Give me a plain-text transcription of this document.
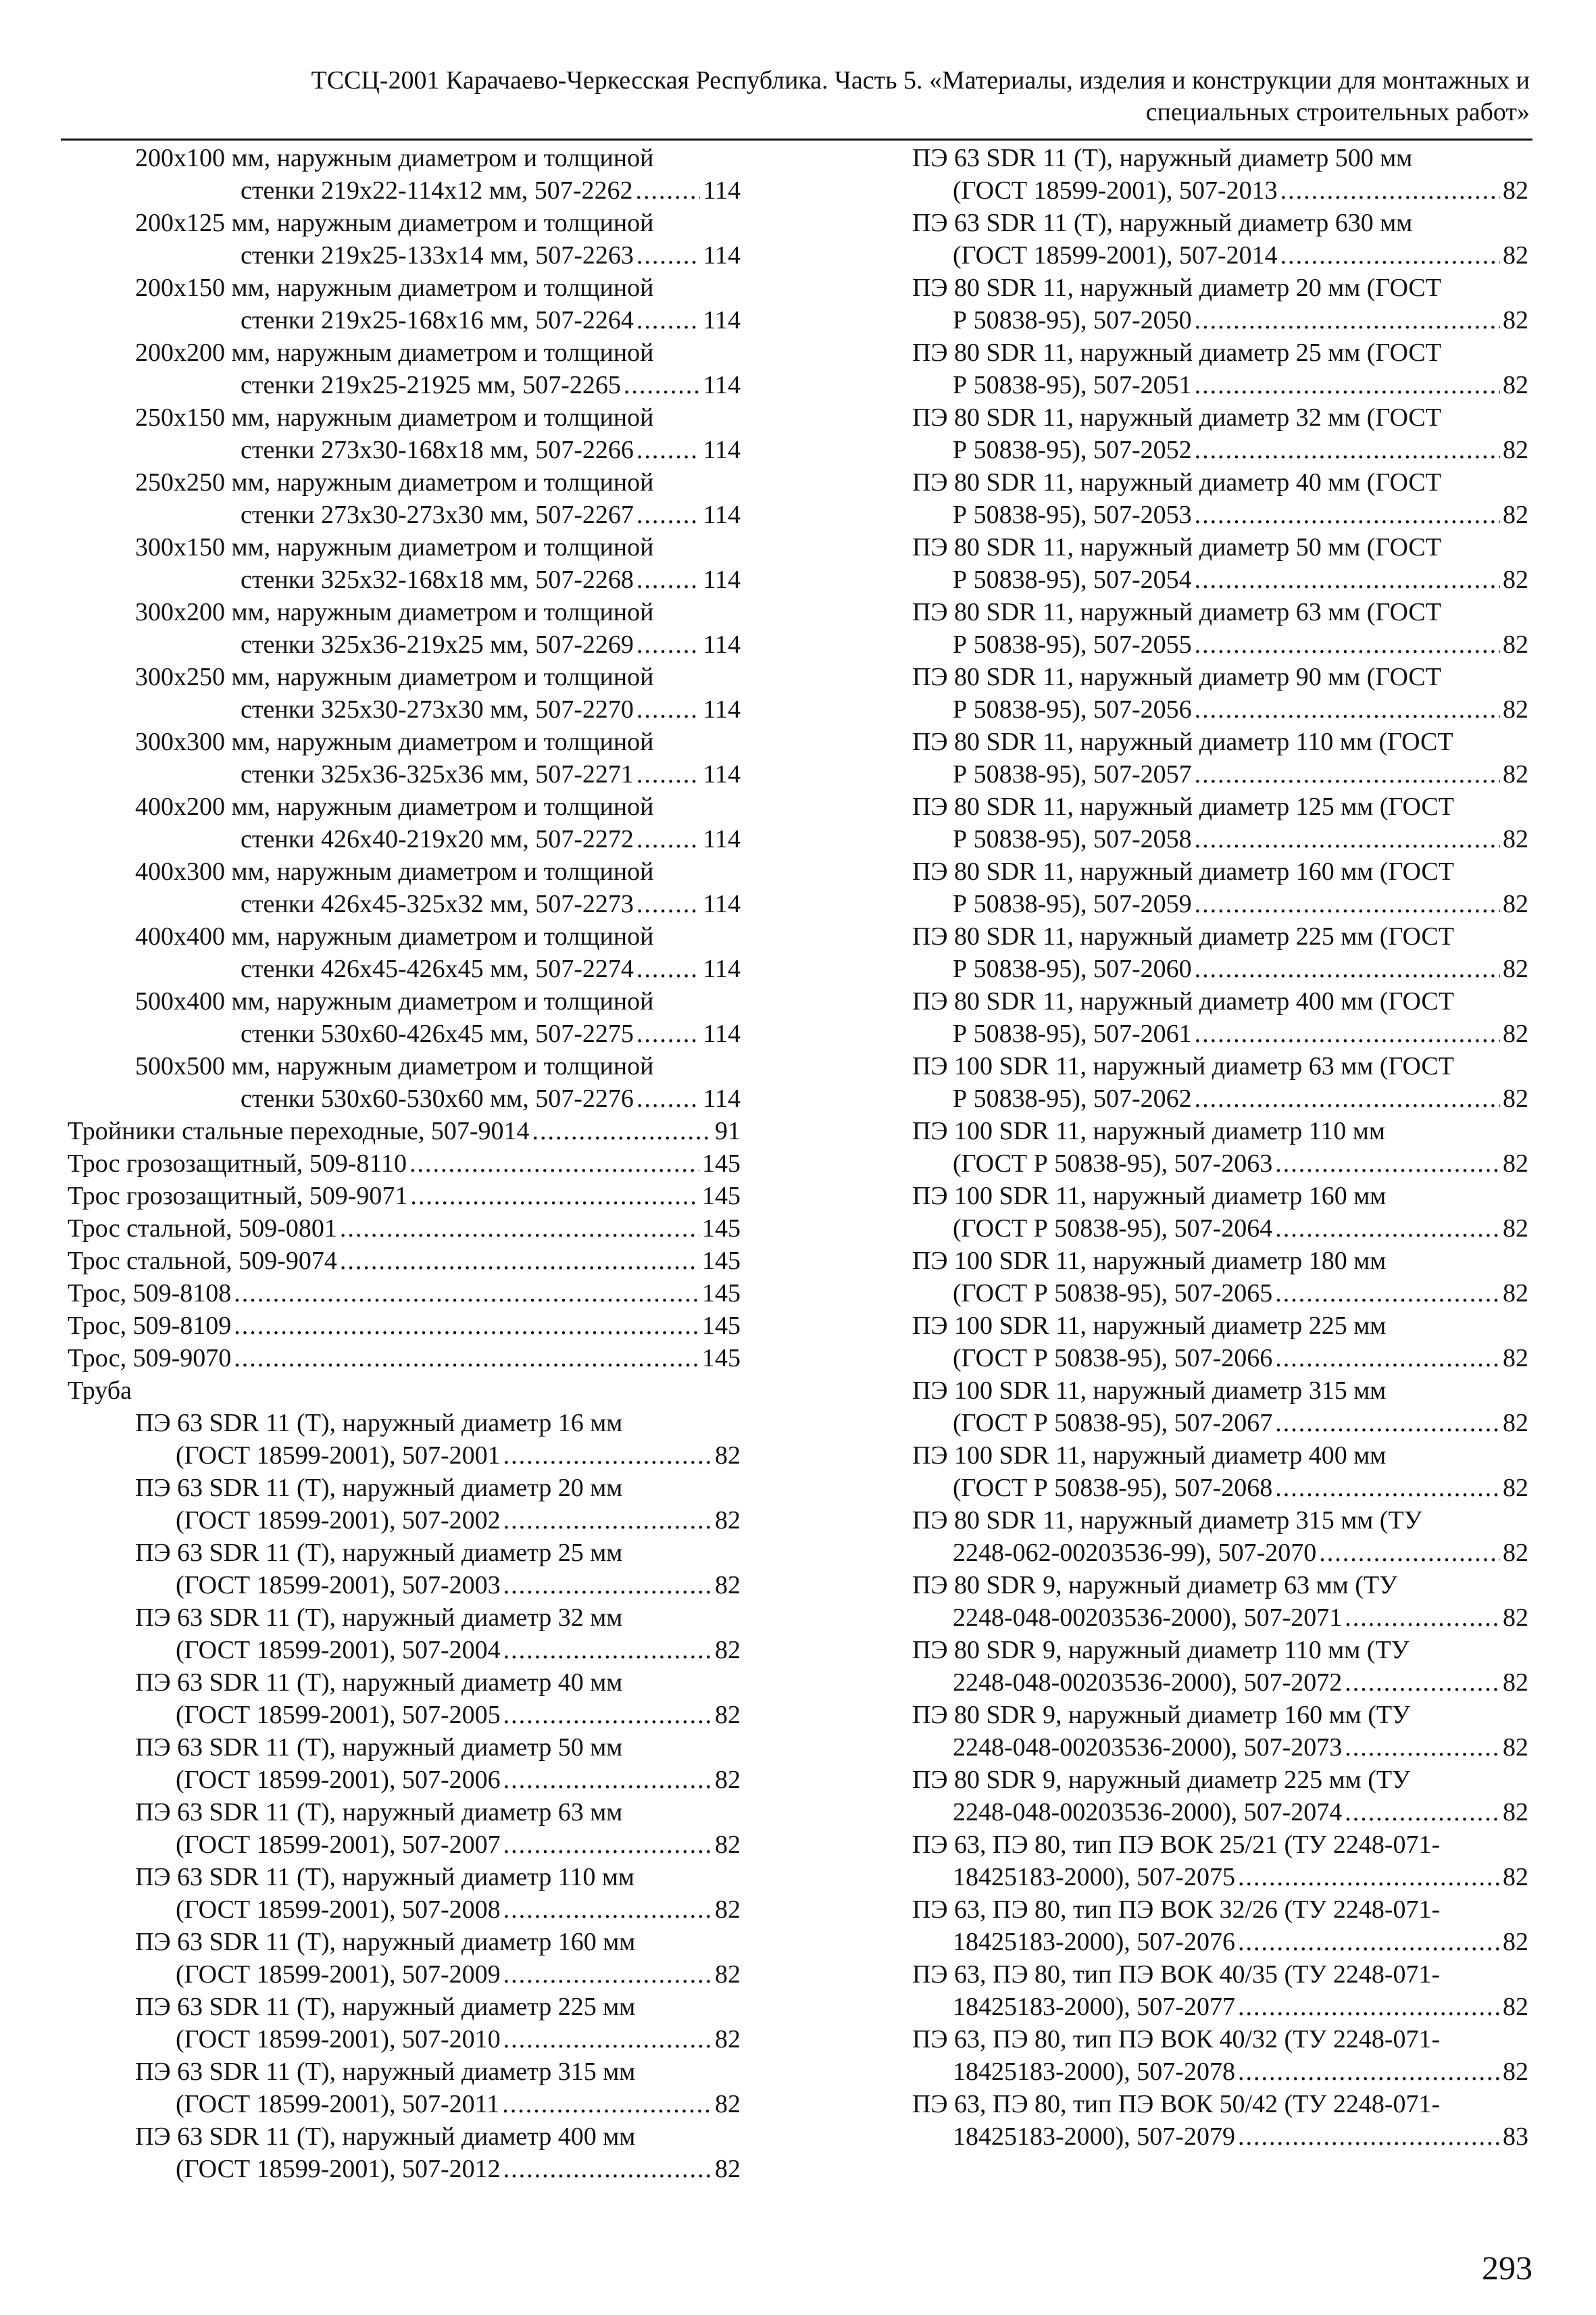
ТССЦ-2001 Карачаево-Черкесская Республика. Часть 5. «Материалы, изделия и конструкции для монтажных и
специальных строительных работ»
200x100 мм, наружным диаметром и толщиной
стенки 219x22-114x12 мм, 507-2262 .....	114
200x125 мм, наружным диаметром и толщиной
стенки 219x25-133x14 мм, 507-2263 .....	114
200x150 мм, наружным диаметром и толщиной
стенки 219x25-168x16 мм, 507-2264 .....	114
200x200 мм, наружным диаметром и толщиной
стенки 219x25-21925 мм, 507-2265 .....	114
250x150 мм, наружным диаметром и толщиной
стенки 273x30-168x18 мм, 507-2266 .....	114
250x250 мм, наружным диаметром и толщиной
стенки 273x30-273x30 мм, 507-2267 .....	114
300x150 мм, наружным диаметром и толщиной
стенки 325x32-168x18 мм, 507-2268 .....	114
300x200 мм, наружным диаметром и толщиной
стенки 325x36-219x25 мм, 507-2269 .....	114
300x250 мм, наружным диаметром и толщиной
стенки 325x30-273x30 мм, 507-2270 .....	114
300x300 мм, наружным диаметром и толщиной
стенки 325x36-325x36 мм, 507-2271 .....	114
400x200 мм, наружным диаметром и толщиной
стенки 426x40-219x20 мм, 507-2272 .....	114
400x300 мм, наружным диаметром и толщиной
стенки 426x45-325x32 мм, 507-2273 .....	114
400x400 мм, наружным диаметром и толщиной
стенки 426x45-426x45 мм, 507-2274 .....	114
500x400 мм, наружным диаметром и толщиной
стенки 530x60-426x45 мм, 507-2275 .....	114
500x500 мм, наружным диаметром и толщиной
стенки 530x60-530x60 мм, 507-2276 .....	114
Тройники стальные переходные, 507-9014 .....	91
Трос грозозащитный, 509-8110 .....	145
Трос грозозащитный, 509-9071 .....	145
Трос стальной, 509-0801 .....	145
Трос стальной, 509-9074 .....	145
Трос, 509-8108 .....	145
Трос, 509-8109 .....	145
Трос, 509-9070 .....	145
Труба
ПЭ 63 SDR 11 (Т), наружный диаметр 16 мм
(ГОСТ 18599-2001), 507-2001 .....	82
ПЭ 63 SDR 11 (Т), наружный диаметр 20 мм
(ГОСТ 18599-2001), 507-2002 .....	82
ПЭ 63 SDR 11 (Т), наружный диаметр 25 мм
(ГОСТ 18599-2001), 507-2003 .....	82
ПЭ 63 SDR 11 (Т), наружный диаметр 32 мм
(ГОСТ 18599-2001), 507-2004 .....	82
ПЭ 63 SDR 11 (Т), наружный диаметр 40 мм
(ГОСТ 18599-2001), 507-2005 .....	82
ПЭ 63 SDR 11 (Т), наружный диаметр 50 мм
(ГОСТ 18599-2001), 507-2006 .....	82
ПЭ 63 SDR 11 (Т), наружный диаметр 63 мм
(ГОСТ 18599-2001), 507-2007 .....	82
ПЭ 63 SDR 11 (Т), наружный диаметр 110 мм
(ГОСТ 18599-2001), 507-2008 .....	82
ПЭ 63 SDR 11 (Т), наружный диаметр 160 мм
(ГОСТ 18599-2001), 507-2009 .....	82
ПЭ 63 SDR 11 (Т), наружный диаметр 225 мм
(ГОСТ 18599-2001), 507-2010 .....	82
ПЭ 63 SDR 11 (Т), наружный диаметр 315 мм
(ГОСТ 18599-2001), 507-2011 .....	82
ПЭ 63 SDR 11 (Т), наружный диаметр 400 мм
(ГОСТ 18599-2001), 507-2012 .....	82
ПЭ 63 SDR 11 (Т), наружный диаметр 500 мм
(ГОСТ 18599-2001), 507-2013 .....	82
ПЭ 63 SDR 11 (Т), наружный диаметр 630 мм
(ГОСТ 18599-2001), 507-2014 .....	82
ПЭ 80 SDR 11, наружный диаметр 20 мм (ГОСТ
Р 50838-95), 507-2050 .....	82
ПЭ 80 SDR 11, наружный диаметр 25 мм (ГОСТ
Р 50838-95), 507-2051 .....	82
ПЭ 80 SDR 11, наружный диаметр 32 мм (ГОСТ
Р 50838-95), 507-2052 .....	82
ПЭ 80 SDR 11, наружный диаметр 40 мм (ГОСТ
Р 50838-95), 507-2053 .....	82
ПЭ 80 SDR 11, наружный диаметр 50 мм (ГОСТ
Р 50838-95), 507-2054 .....	82
ПЭ 80 SDR 11, наружный диаметр 63 мм (ГОСТ
Р 50838-95), 507-2055 .....	82
ПЭ 80 SDR 11, наружный диаметр 90 мм (ГОСТ
Р 50838-95), 507-2056 .....	82
ПЭ 80 SDR 11, наружный диаметр 110 мм (ГОСТ
Р 50838-95), 507-2057 .....	82
ПЭ 80 SDR 11, наружный диаметр 125 мм (ГОСТ
Р 50838-95), 507-2058 .....	82
ПЭ 80 SDR 11, наружный диаметр 160 мм (ГОСТ
Р 50838-95), 507-2059 .....	82
ПЭ 80 SDR 11, наружный диаметр 225 мм (ГОСТ
Р 50838-95), 507-2060 .....	82
ПЭ 80 SDR 11, наружный диаметр 400 мм (ГОСТ
Р 50838-95), 507-2061 .....	82
ПЭ 100 SDR 11, наружный диаметр 63 мм (ГОСТ
Р 50838-95), 507-2062 .....	82
ПЭ 100 SDR 11, наружный диаметр 110 мм
(ГОСТ Р 50838-95), 507-2063 .....	82
ПЭ 100 SDR 11, наружный диаметр 160 мм
(ГОСТ Р 50838-95), 507-2064 .....	82
ПЭ 100 SDR 11, наружный диаметр 180 мм
(ГОСТ Р 50838-95), 507-2065 .....	82
ПЭ 100 SDR 11, наружный диаметр 225 мм
(ГОСТ Р 50838-95), 507-2066 .....	82
ПЭ 100 SDR 11, наружный диаметр 315 мм
(ГОСТ Р 50838-95), 507-2067 .....	82
ПЭ 100 SDR 11, наружный диаметр 400 мм
(ГОСТ Р 50838-95), 507-2068 .....	82
ПЭ 80 SDR 11, наружный диаметр 315 мм (ТУ
2248-062-00203536-99), 507-2070 .....	82
ПЭ 80 SDR 9, наружный диаметр 63 мм (ТУ
2248-048-00203536-2000), 507-2071 .....	82
ПЭ 80 SDR 9, наружный диаметр 110 мм (ТУ
2248-048-00203536-2000), 507-2072 .....	82
ПЭ 80 SDR 9, наружный диаметр 160 мм (ТУ
2248-048-00203536-2000), 507-2073 .....	82
ПЭ 80 SDR 9, наружный диаметр 225 мм (ТУ
2248-048-00203536-2000), 507-2074 .....	82
ПЭ 63, ПЭ 80, тип ПЭ ВОК 25/21 (ТУ 2248-071-
18425183-2000), 507-2075 .....	82
ПЭ 63, ПЭ 80, тип ПЭ ВОК 32/26 (ТУ 2248-071-
18425183-2000), 507-2076 .....	82
ПЭ 63, ПЭ 80, тип ПЭ ВОК 40/35 (ТУ 2248-071-
18425183-2000), 507-2077 .....	82
ПЭ 63, ПЭ 80, тип ПЭ ВОК 40/32 (ТУ 2248-071-
18425183-2000), 507-2078 .....	82
ПЭ 63, ПЭ 80, тип ПЭ ВОК 50/42 (ТУ 2248-071-
18425183-2000), 507-2079 .....	83
293
